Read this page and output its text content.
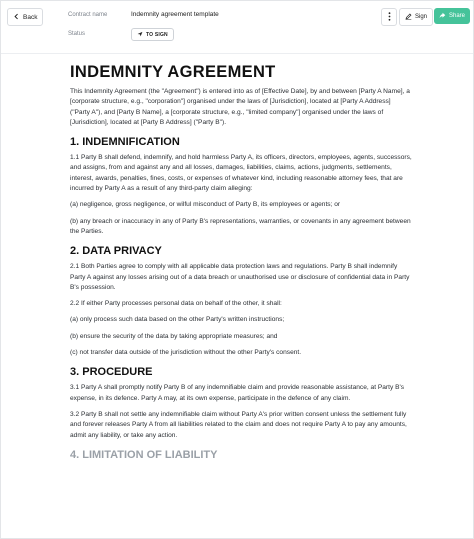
Back	Contract name	Indemnity agreement template
Status	TO SIGN
Sign	Share
INDEMNITY AGREEMENT

This Indemnity Agreement (the "Agreement") is entered into as of [Effective Date], by and between [Party A Name], a [corporate structure, e.g., "corporation"] organised under the laws of [Jurisdiction], located at [Party A Address] ("Party A"), and [Party B Name], a [corporate structure, e.g., "limited company"] organised under the laws of [Jurisdiction], located at [Party B Address] ("Party B").

1. INDEMNIFICATION

1.1 Party B shall defend, indemnify, and hold harmless Party A, its officers, directors, employees, agents, successors, and assigns, from and against any and all losses, damages, liabilities, claims, actions, judgments, settlements, interest, awards, penalties, fines, costs, or expenses of whatever kind, including reasonable attorney fees, that are incurred by Party A as a result of any third-party claim alleging:

(a) negligence, gross negligence, or wilful misconduct of Party B, its employees or agents; or

(b) any breach or inaccuracy in any of Party B's representations, warranties, or covenants in any agreement between the Parties.

2. DATA PRIVACY

2.1 Both Parties agree to comply with all applicable data protection laws and regulations. Party B shall indemnify Party A against any losses arising out of a data breach or unauthorised use or disclosure of confidential data in Party B's possession.

2.2 If either Party processes personal data on behalf of the other, it shall:

(a) only process such data based on the other Party's written instructions;

(b) ensure the security of the data by taking appropriate measures; and

(c) not transfer data outside of the jurisdiction without the other Party's consent.

3. PROCEDURE

3.1 Party A shall promptly notify Party B of any indemnifiable claim and provide reasonable assistance, at Party B's expense, in its defence. Party A may, at its own expense, participate in the defence of any claim.

3.2 Party B shall not settle any indemnifiable claim without Party A's prior written consent unless the settlement fully and forever releases Party A from all liabilities related to the claim and does not require Party A to pay any amounts, admit any liability, or take any action.

4. LIMITATION OF LIABILITY
